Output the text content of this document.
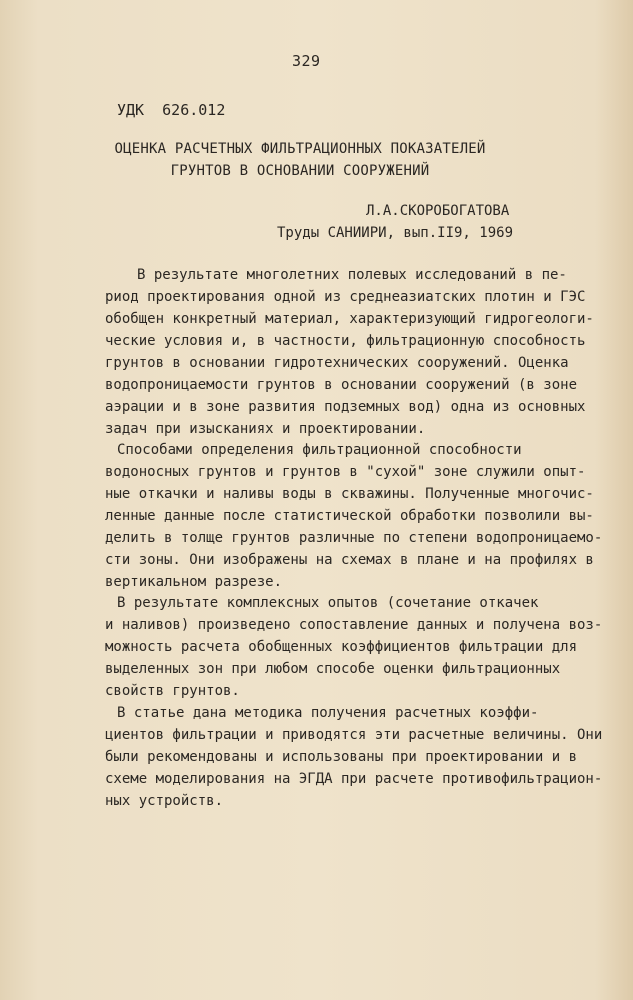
329
УДК  626.012
ОЦЕНКА РАСЧЕТНЫХ ФИЛЬТРАЦИОННЫХ ПОКАЗАТЕЛЕЙ
ГРУНТОВ В ОСНОВАНИИ СООРУЖЕНИЙ
Л.А.СКОРОБОГАТОВА
Труды САНИИРИ, вып.II9, 1969
В результате многолетних полевых исследований в пе-
риод проектирования одной из среднеазиатских плотин и ГЭС
обобщен конкретный материал, характеризующий гидрогеологи-
ческие условия и, в частности, фильтрационную способность
грунтов в основании гидротехнических сооружений. Оценка
водопроницаемости грунтов в основании сооружений (в зоне
аэрации и в зоне развития подземных вод) одна из основных
задач при изысканиях и проектировании.
Способами определения фильтрационной способности
водоносных грунтов и грунтов в "сухой" зоне служили опыт-
ные откачки и наливы воды в скважины. Полученные многочис-
ленные данные после статистической обработки позволили вы-
делить в толще грунтов различные по степени водопроницаемо-
сти зоны. Они изображены на схемах в плане и на профилях в
вертикальном разрезе.
В результате комплексных опытов (сочетание откачек
и наливов) произведено сопоставление данных и получена воз-
можность расчета обобщенных коэффициентов фильтрации для
выделенных зон при любом способе оценки фильтрационных
свойств грунтов.
В статье дана методика получения расчетных коэффи-
циентов фильтрации и приводятся эти расчетные величины. Они
были рекомендованы и использованы при проектировании и в
схеме моделирования на ЭГДА при расчете противофильтрацион-
ных устройств.
